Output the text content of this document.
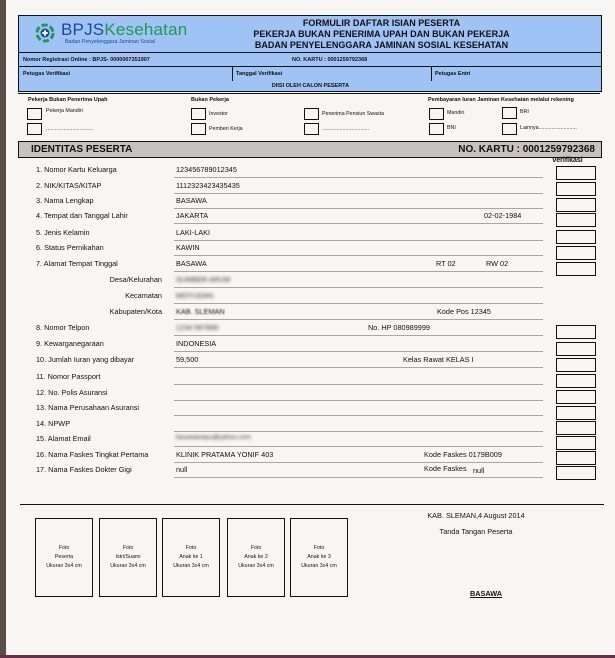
BPJSKesehatan
Badan Penyelenggara Jaminan Sosial
FORMULIR DAFTAR ISIAN PESERTA
PEKERJA BUKAN PENERIMA UPAH DAN BUKAN PEKERJA
BADAN PENYELENGGARA JAMINAN SOSIAL KESEHATAN
Nomor Registrasi Online : BPJS- 0000007351907	NO. KARTU : 0001259792368
Petugas Verifikasi	Tanggal Verifikasi	Petugas Entri
DIISI OLEH CALON PESERTA
Pekerja Bukan Penerima Upah
Pekerja Mandiri
................................
Bukan Pekerja
Investor
Pemberi Kerja
Penerima Pensiun Swasta
................................
Pembayaran Iuran Jaminan Kesehatan melalui rekening
Mandiri	BRI
BNI	Lainnya..........................
IDENTITAS PESERTA	NO. KARTU : 0001259792368
Verifikasi
1. Nomor Kartu Keluarga	123456789012345
2. NIK/KITAS/KITAP	1112323423435435
3. Nama Lengkap	BASAWA
4. Tempat dan Tanggal Lahir	JAKARTA	02-02-1984
5. Jenis Kelamin	LAKI-LAKI
6. Status Pernikahan	KAWIN
7. Alamat Tempat Tinggal	BASAWA	RT 02	RW 02
Desa/Kelurahan SUMBER ARUM
Kecamatan MOYUDAN
Kabupaten/Kota KAB. SLEMAN	Kode Pos 12345
8. Nomor Telpon	1234 567890	No. HP 080989999
9. Kewarganegaraan	INDONESIA
10. Jumlah Iuran yang dibayar	59,500	Kelas Rawat KELAS I
11. Nomor Passport
12. No. Polis Asuransi
13. Nama Perusahaan Asuransi
14. NPWP
15. Alamat Email	basawacepu@yahoo.com
16. Nama Faskes Tingkat Pertama	KLINIK PRATAMA YONIF 403	Kode Faskes 0179B009
17. Nama Faskes Dokter Gigi	null	Kode Faskes null
Foto
Peserta
Ukuran 3x4 cm
Foto
Istri/Suami
Ukuran 3x4 cm
Foto
Anak ke 1
Ukuran 3x4 cm
Foto
Anak ke 2
Ukuran 3x4 cm
Foto
Anak ke 3
Ukuran 3x4 cm
KAB. SLEMAN,4 August 2014
Tanda Tangan Peserta
BASAWA
